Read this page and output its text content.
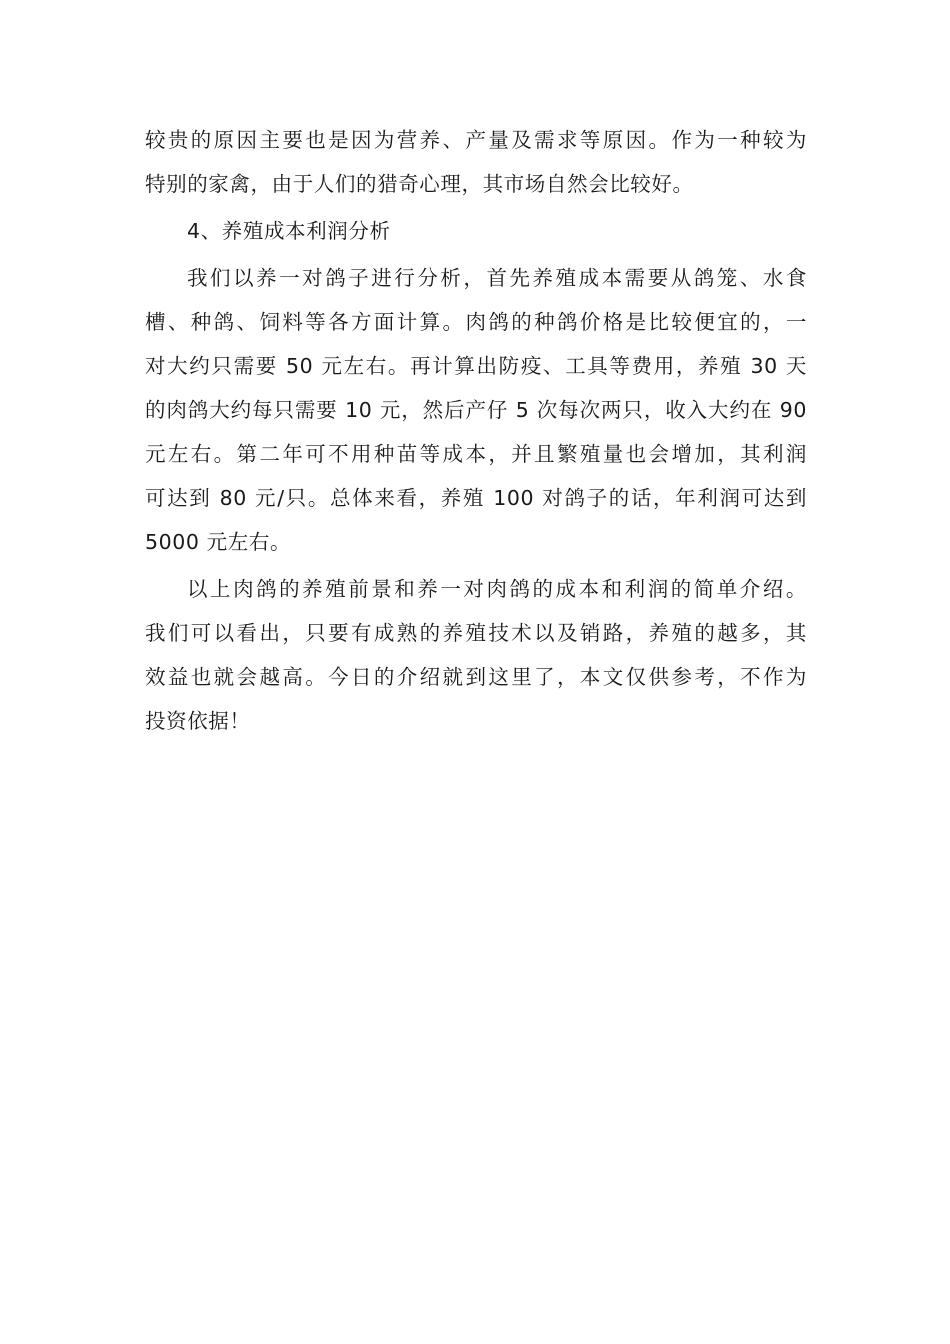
较贵的原因主要也是因为营养、产量及需求等原因。作为一种较为
特别的家禽，由于人们的猎奇心理，其市场自然会比较好。
4、养殖成本利润分析
我们以养一对鸽子进行分析，首先养殖成本需要从鸽笼、水食
槽、种鸽、饲料等各方面计算。肉鸽的种鸽价格是比较便宜的，一
对大约只需要 50 元左右。再计算出防疫、工具等费用，养殖 30 天
的肉鸽大约每只需要 10 元，然后产仔 5 次每次两只，收入大约在 90
元左右。第二年可不用种苗等成本，并且繁殖量也会增加，其利润
可达到 80 元/只。总体来看，养殖 100 对鸽子的话，年利润可达到
5000 元左右。
以上肉鸽的养殖前景和养一对肉鸽的成本和利润的简单介绍。
我们可以看出，只要有成熟的养殖技术以及销路，养殖的越多，其
效益也就会越高。今日的介绍就到这里了，本文仅供参考，不作为
投资依据！
